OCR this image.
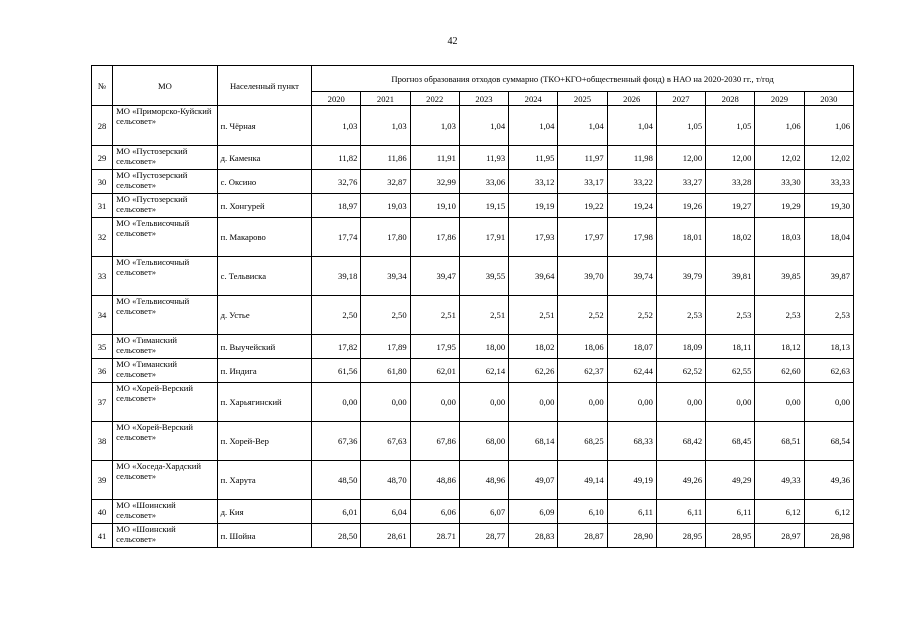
42
№	МО	Населенный пункт	Прогноз образования отходов суммарно (ТКО+КГО+общественный фонд) в НАО на 2020-2030 гг., т/год										
			2020	2021	2022	2023	2024	2025	2026	2027	2028	2029	2030
28	МО «Приморско-Куйский сельсовет»	п. Чёрная	1,03	1,03	1,03	1,04	1,04	1,04	1,04	1,05	1,05	1,06	1,06
29	МО «Пустозерский сельсовет»	д. Каменка	11,82	11,86	11,91	11,93	11,95	11,97	11,98	12,00	12,00	12,02	12,02
30	МО «Пустозерский сельсовет»	с. Оксино	32,76	32,87	32,99	33,06	33,12	33,17	33,22	33,27	33,28	33,30	33,33
31	МО «Пустозерский сельсовет»	п. Хонгурей	18,97	19,03	19,10	19,15	19,19	19,22	19,24	19,26	19,27	19,29	19,30
32	МО «Тельвисочный сельсовет»	п. Макарово	17,74	17,80	17,86	17,91	17,93	17,97	17,98	18,01	18,02	18,03	18,04
33	МО «Тельвисочный сельсовет»	с. Тельвиска	39,18	39,34	39,47	39,55	39,64	39,70	39,74	39,79	39,81	39,85	39,87
34	МО «Тельвисочный сельсовет»	д. Устье	2,50	2,50	2,51	2,51	2,51	2,52	2,52	2,53	2,53	2,53	2,53
35	МО «Тиманский сельсовет»	п. Выучейский	17,82	17,89	17,95	18,00	18,02	18,06	18,07	18,09	18,11	18,12	18,13
36	МО «Тиманский сельсовет»	п. Индига	61,56	61,80	62,01	62,14	62,26	62,37	62,44	62,52	62,55	62,60	62,63
37	МО «Хорей-Верский сельсовет»	п. Харьягинский	0,00	0,00	0,00	0,00	0,00	0,00	0,00	0,00	0,00	0,00	0,00
38	МО «Хорей-Верский сельсовет»	п. Хорей-Вер	67,36	67,63	67,86	68,00	68,14	68,25	68,33	68,42	68,45	68,51	68,54
39	МО «Хоседа-Хардский сельсовет»	п. Харута	48,50	48,70	48,86	48,96	49,07	49,14	49,19	49,26	49,29	49,33	49,36
40	МО «Шоинский сельсовет»	д. Кия	6,01	6,04	6,06	6,07	6,09	6,10	6,11	6,11	6,11	6,12	6,12
41	МО «Шоинский сельсовет»	п. Шойна	28,50	28,61	28.71	28,77	28,83	28,87	28,90	28,95	28,95	28,97	28,98
